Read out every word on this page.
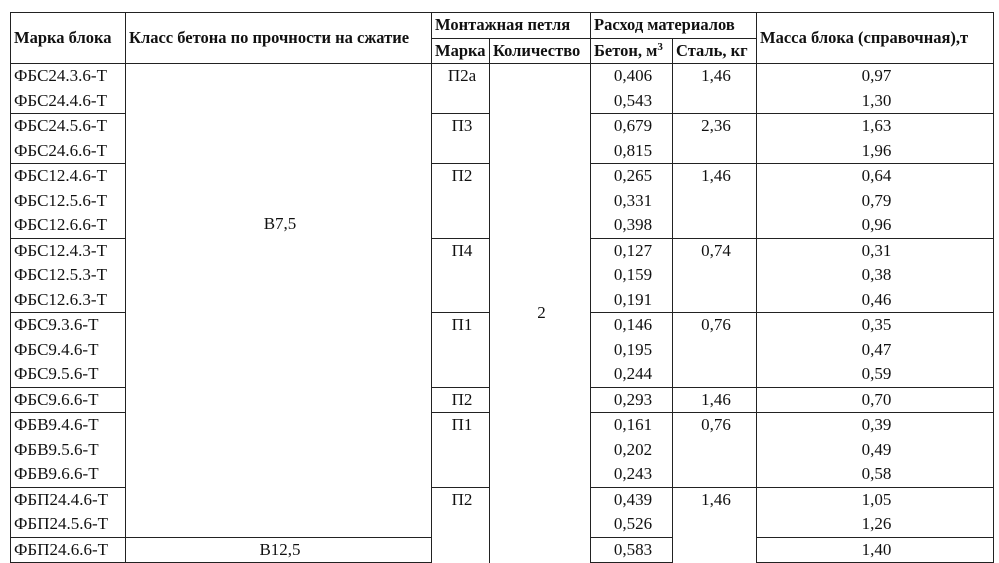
Марка блока	Класс бетона по прочности на сжатие	Монтажная петля		Расход материалов		Масса блока (справочная),т
		Марка	Количество	Бетон, $м^3$	Сталь, кг	
ФБС24.3.6-Т	B7,5	П2а	2	0,406	1,46	0,97
ФБС24.4.6-Т				0,543		1,30
ФБС24.5.6-Т		П3		0,679	2,36	1,63
ФБС24.6.6-Т				0,815		1,96
ФБС12.4.6-Т		П2		0,265	1,46	0,64
ФБС12.5.6-Т				0,331		0,79
ФБС12.6.6-Т				0,398		0,96
ФБС12.4.3-Т		П4		0,127	0,74	0,31
ФБС12.5.3-Т				0,159		0,38
ФБС12.6.3-Т				0,191		0,46
ФБС9.3.6-Т		П1		0,146	0,76	0,35
ФБС9.4.6-Т				0,195		0,47
ФБС9.5.6-Т				0,244		0,59
ФБС9.6.6-Т		П2		0,293	1,46	0,70
ФБВ9.4.6-Т		П1		0,161	0,76	0,39
ФБВ9.5.6-Т				0,202		0,49
ФБВ9.6.6-Т				0,243		0,58
ФБП24.4.6-Т		П2		0,439	1,46	1,05
ФБП24.5.6-Т				0,526		1,26
ФБП24.6.6-Т	B12,5			0,583		1,40
